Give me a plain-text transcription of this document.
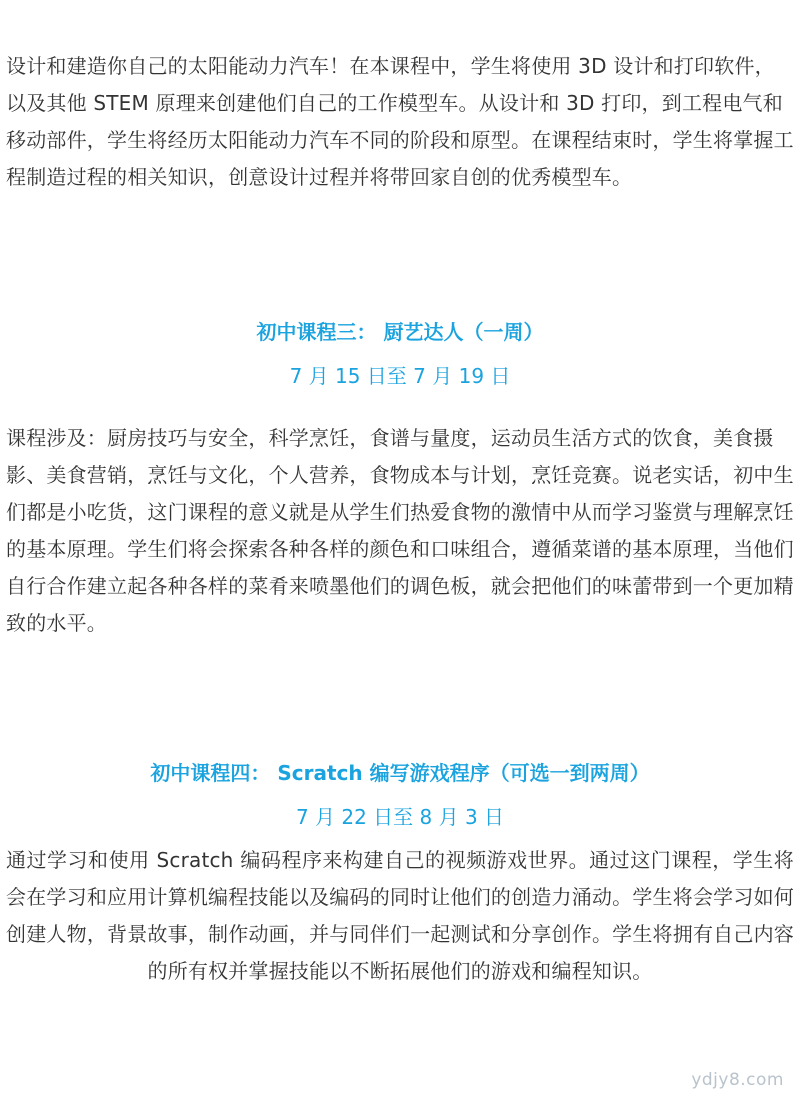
设计和建造你自己的太阳能动力汽车！在本课程中，学生将使用 3D 设计和打印软件，以及其他 STEM 原理来创建他们自己的工作模型车。从设计和 3D 打印，到工程电气和移动部件，学生将经历太阳能动力汽车不同的阶段和原型。在课程结束时，学生将掌握工程制造过程的相关知识，创意设计过程并将带回家自创的优秀模型车。

初中课程三： 厨艺达人（一周）
7 月 15 日至 7 月 19 日

课程涉及：厨房技巧与安全，科学烹饪，食谱与量度，运动员生活方式的饮食，美食摄影、美食营销，烹饪与文化，个人营养，食物成本与计划，烹饪竞赛。说老实话，初中生们都是小吃货，这门课程的意义就是从学生们热爱食物的激情中从而学习鉴赏与理解烹饪的基本原理。学生们将会探索各种各样的颜色和口味组合，遵循菜谱的基本原理，当他们自行合作建立起各种各样的菜肴来喷墨他们的调色板，就会把他们的味蕾带到一个更加精致的水平。

初中课程四： Scratch 编写游戏程序（可选一到两周）
7 月 22 日至 8 月 3 日

通过学习和使用 Scratch 编码程序来构建自己的视频游戏世界。通过这门课程，学生将会在学习和应用计算机编程技能以及编码的同时让他们的创造力涌动。学生将会学习如何创建人物，背景故事，制作动画，并与同伴们一起测试和分享创作。学生将拥有自己内容的所有权并掌握技能以不断拓展他们的游戏和编程知识。

ydjy8.com
